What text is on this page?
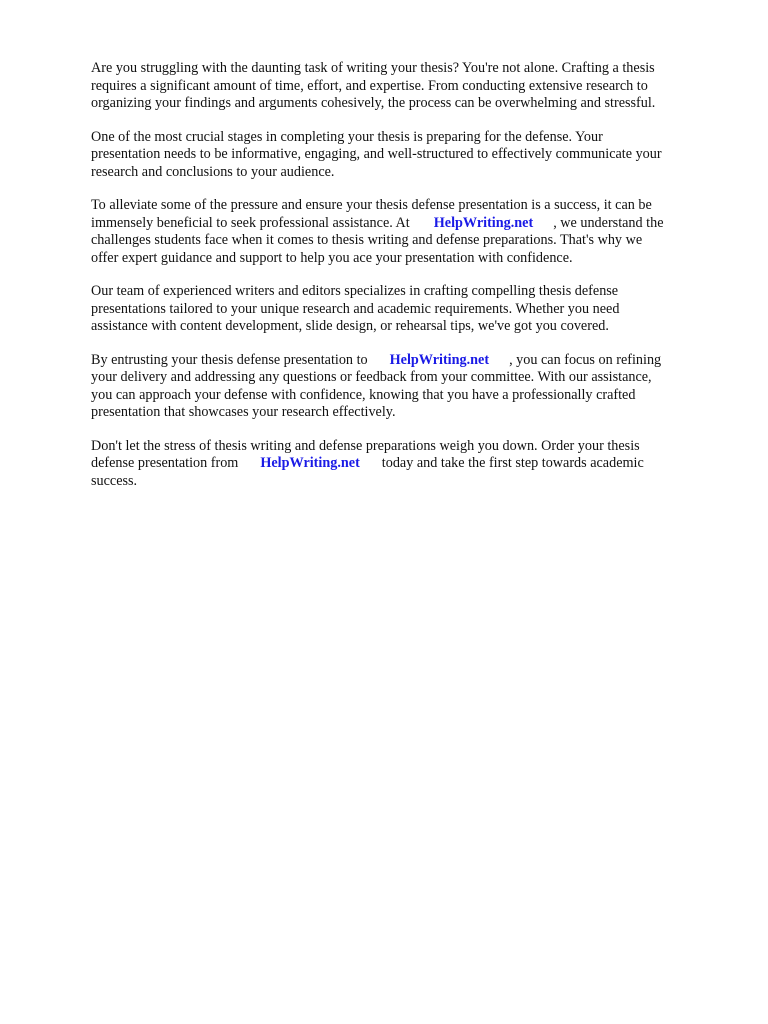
Are you struggling with the daunting task of writing your thesis? You're not alone. Crafting a thesis
requires a significant amount of time, effort, and expertise. From conducting extensive research to
organizing your findings and arguments cohesively, the process can be overwhelming and stressful.

One of the most crucial stages in completing your thesis is preparing for the defense. Your
presentation needs to be informative, engaging, and well-structured to effectively communicate your
research and conclusions to your audience.

To alleviate some of the pressure and ensure your thesis defense presentation is a success, it can be
immensely beneficial to seek professional assistance. At HelpWriting.net , we understand the
challenges students face when it comes to thesis writing and defense preparations. That's why we
offer expert guidance and support to help you ace your presentation with confidence.

Our team of experienced writers and editors specializes in crafting compelling thesis defense
presentations tailored to your unique research and academic requirements. Whether you need
assistance with content development, slide design, or rehearsal tips, we've got you covered.

By entrusting your thesis defense presentation to HelpWriting.net , you can focus on refining
your delivery and addressing any questions or feedback from your committee. With our assistance,
you can approach your defense with confidence, knowing that you have a professionally crafted
presentation that showcases your research effectively.

Don't let the stress of thesis writing and defense preparations weigh you down. Order your thesis
defense presentation from HelpWriting.net today and take the first step towards academic
success.
